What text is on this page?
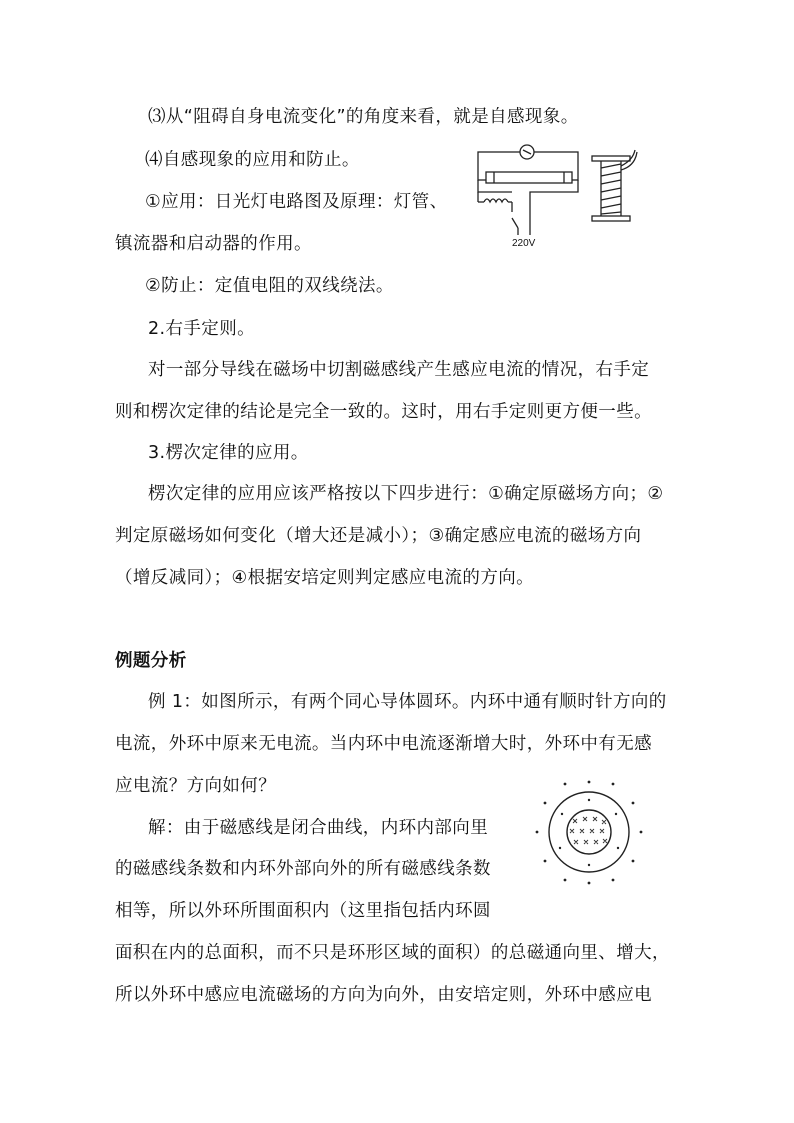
⑶从“阻碍自身电流变化”的角度来看，就是自感现象。
⑷自感现象的应用和防止。
①应用：日光灯电路图及原理：灯管、
镇流器和启动器的作用。
②防止：定值电阻的双线绕法。
2.右手定则。
对一部分导线在磁场中切割磁感线产生感应电流的情况，右手定
则和楞次定律的结论是完全一致的。这时，用右手定则更方便一些。
3.楞次定律的应用。
楞次定律的应用应该严格按以下四步进行：①确定原磁场方向；②
判定原磁场如何变化（增大还是减小）；③确定感应电流的磁场方向
（增反减同）；④根据安培定则判定感应电流的方向。
例题分析
例 1：如图所示，有两个同心导体圆环。内环中通有顺时针方向的
电流，外环中原来无电流。当内环中电流逐渐增大时，外环中有无感
应电流？方向如何？
解：由于磁感线是闭合曲线，内环内部向里
的磁感线条数和内环外部向外的所有磁感线条数
相等，所以外环所围面积内（这里指包括内环圆
面积在内的总面积，而不只是环形区域的面积）的总磁通向里、增大，
所以外环中感应电流磁场的方向为向外，由安培定则，外环中感应电
220V
